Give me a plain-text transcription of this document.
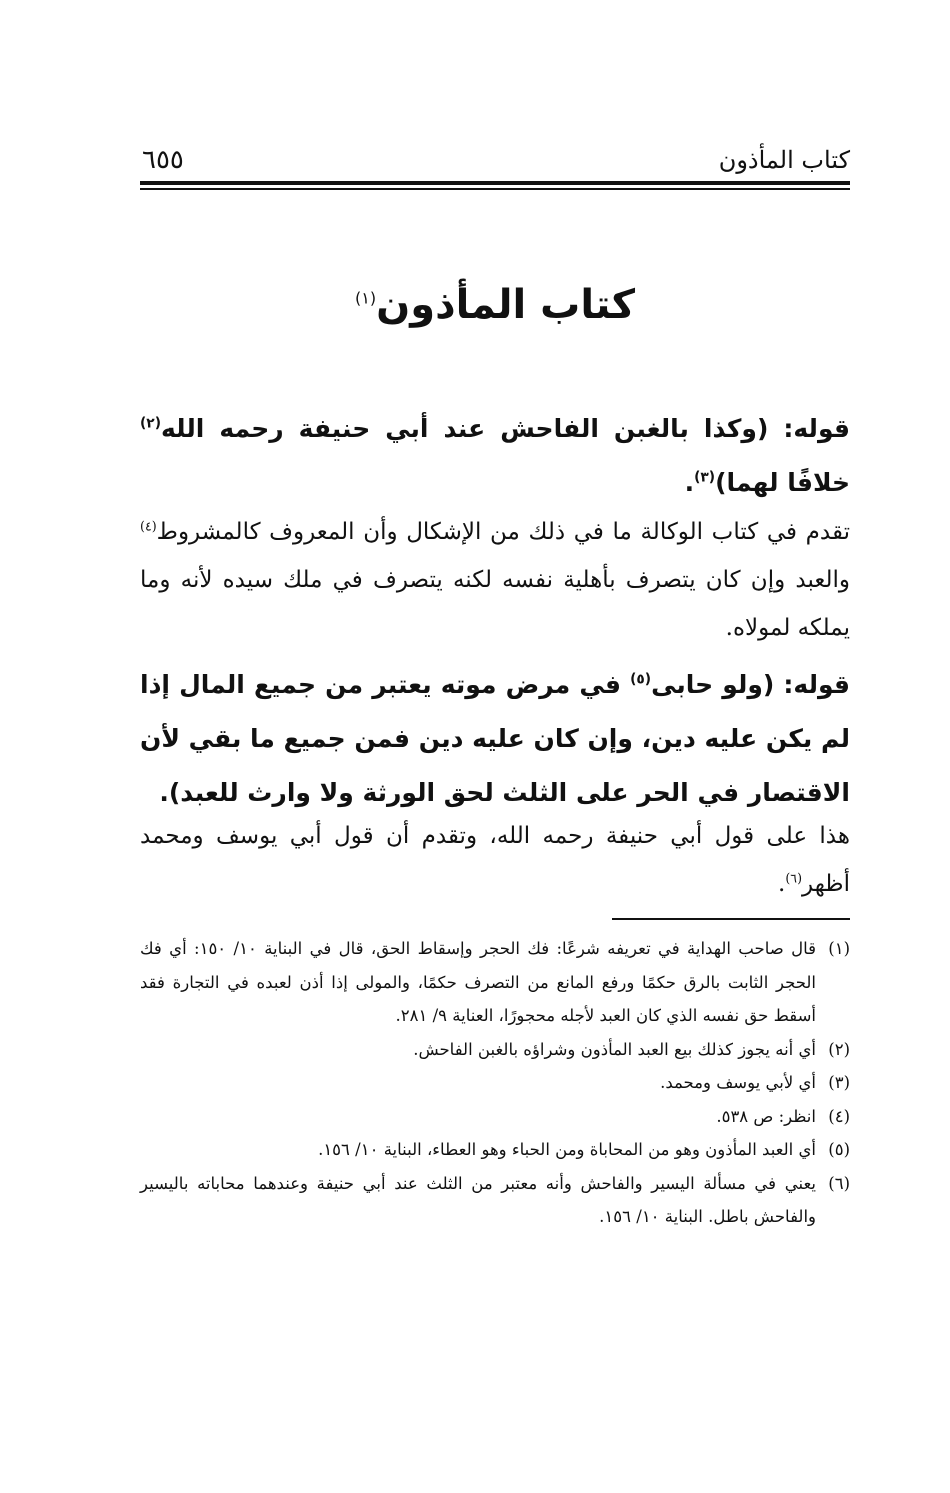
كتاب المأذون
٦٥٥
كتاب المأذون$^{(١)}$
قوله: (وكذا بالغبن الفاحش عند أبي حنيفة رحمه الله$^{(٢)}$ خلافًا لهما)$^{(٣)}$.
تقدم في كتاب الوكالة ما في ذلك من الإشكال وأن المعروف كالمشروط$^{(٤)}$ والعبد وإن كان يتصرف بأهلية نفسه لكنه يتصرف في ملك سيده لأنه وما يملكه لمولاه.
قوله: (ولو حابى$^{(٥)}$ في مرض موته يعتبر من جميع المال إذا لم يكن عليه دين، وإن كان عليه دين فمن جميع ما بقي لأن الاقتصار في الحر على الثلث لحق الورثة ولا وارث للعبد).
هذا على قول أبي حنيفة رحمه الله، وتقدم أن قول أبي يوسف ومحمد أظهر$^{(٦)}$.
(١)
قال صاحب الهداية في تعريفه شرعًا: فك الحجر وإسقاط الحق، قال في البناية ١٠/ ١٥٠: أي فك الحجر الثابت بالرق حكمًا ورفع المانع من التصرف حكمًا، والمولى إذا أذن لعبده في التجارة فقد أسقط حق نفسه الذي كان العبد لأجله محجورًا، العناية ٩/ ٢٨١.
(٢)
أي أنه يجوز كذلك بيع العبد المأذون وشراؤه بالغبن الفاحش.
(٣)
أي لأبي يوسف ومحمد.
(٤)
انظر: ص ٥٣٨.
(٥)
أي العبد المأذون وهو من المحاباة ومن الحباء وهو العطاء، البناية ١٠/ ١٥٦.
(٦)
يعني في مسألة اليسير والفاحش وأنه معتبر من الثلث عند أبي حنيفة وعندهما محاباته باليسير والفاحش باطل. البناية ١٠/ ١٥٦.
